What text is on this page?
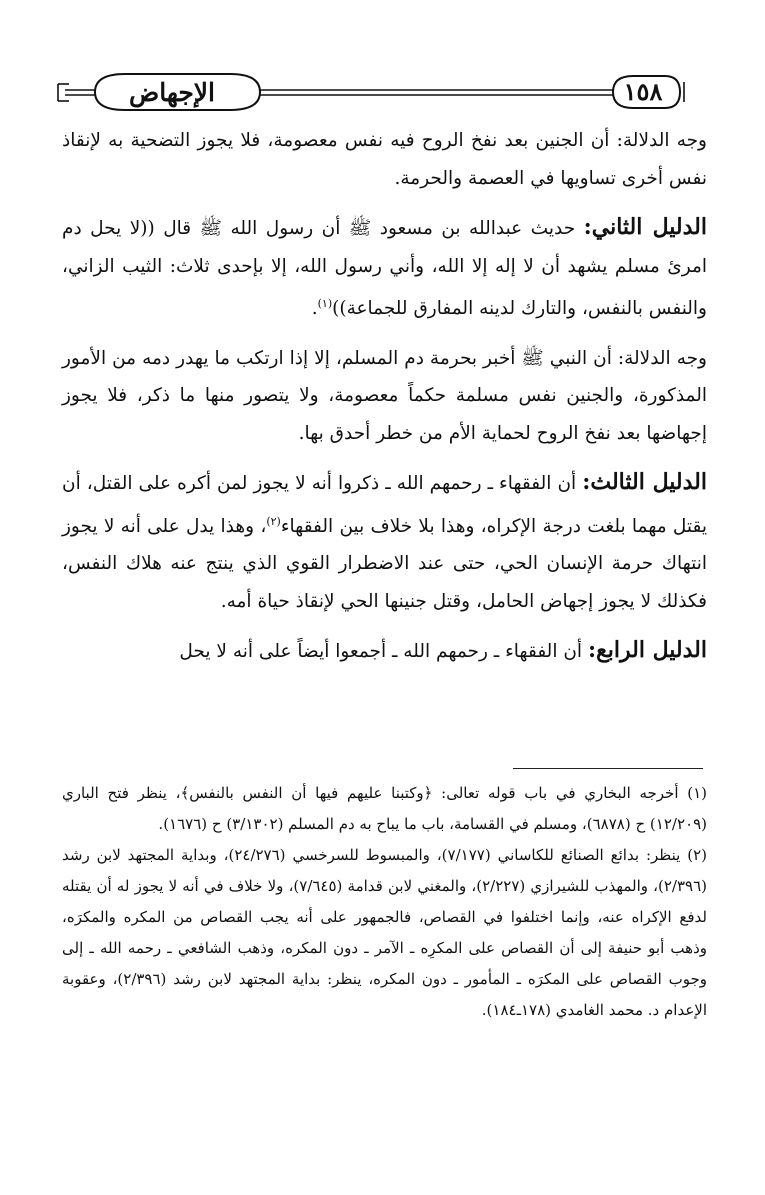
١٥٨
الإجهاض

وجه الدلالة: أن الجنين بعد نفخ الروح فيه نفس معصومة، فلا يجوز التضحية به لإنقاذ نفس أخرى تساويها في العصمة والحرمة.

الدليل الثاني: حديث عبدالله بن مسعود ﷺ أن رسول الله ﷺ قال ((لا يحل دم امرئ مسلم يشهد أن لا إله إلا الله، وأني رسول الله، إلا بإحدى ثلاث: الثيب الزاني، والنفس بالنفس، والتارك لدينه المفارق للجماعة))$^{(١)}$.

وجه الدلالة: أن النبي ﷺ أخبر بحرمة دم المسلم، إلا إذا ارتكب ما يهدر دمه من الأمور المذكورة، والجنين نفس مسلمة حكماً معصومة، ولا يتصور منها ما ذكر، فلا يجوز إجهاضها بعد نفخ الروح لحماية الأم من خطر أحدق بها.

الدليل الثالث: أن الفقهاء ـ رحمهم الله ـ ذكروا أنه لا يجوز لمن أكره على القتل، أن يقتل مهما بلغت درجة الإكراه، وهذا بلا خلاف بين الفقهاء$^{(٢)}$، وهذا يدل على أنه لا يجوز انتهاك حرمة الإنسان الحي، حتى عند الاضطرار القوي الذي ينتج عنه هلاك النفس، فكذلك لا يجوز إجهاض الحامل، وقتل جنينها الحي لإنقاذ حياة أمه.

الدليل الرابع: أن الفقهاء ـ رحمهم الله ـ أجمعوا أيضاً على أنه لا يحل

(١) أخرجه البخاري في باب قوله تعالى: ﴿وكتبنا عليهم فيها أن النفس بالنفس﴾، ينظر فتح الباري (١٢/٢٠٩) ح (٦٨٧٨)، ومسلم في القسامة، باب ما يباح به دم المسلم (٣/١٣٠٢) ح (١٦٧٦).

(٢) ينظر: بدائع الصنائع للكاساني (٧/١٧٧)، والمبسوط للسرخسي (٢٤/٢٧٦)، وبداية المجتهد لابن رشد (٢/٣٩٦)، والمهذب للشيرازي (٢/٢٢٧)، والمغني لابن قدامة (٧/٦٤٥)، ولا خلاف في أنه لا يجوز له أن يقتله لدفع الإكراه عنه، وإنما اختلفوا في القصاص، فالجمهور على أنه يجب القصاص من المكره والمكرَه، وذهب أبو حنيفة إلى أن القصاص على المكرِه ـ الآمر ـ دون المكره، وذهب الشافعي ـ رحمه الله ـ إلى وجوب القصاص على المكرَه ـ المأمور ـ دون المكره، ينظر: بداية المجتهد لابن رشد (٢/٣٩٦)، وعقوبة الإعدام د. محمد الغامدي (١٧٨ـ١٨٤).
